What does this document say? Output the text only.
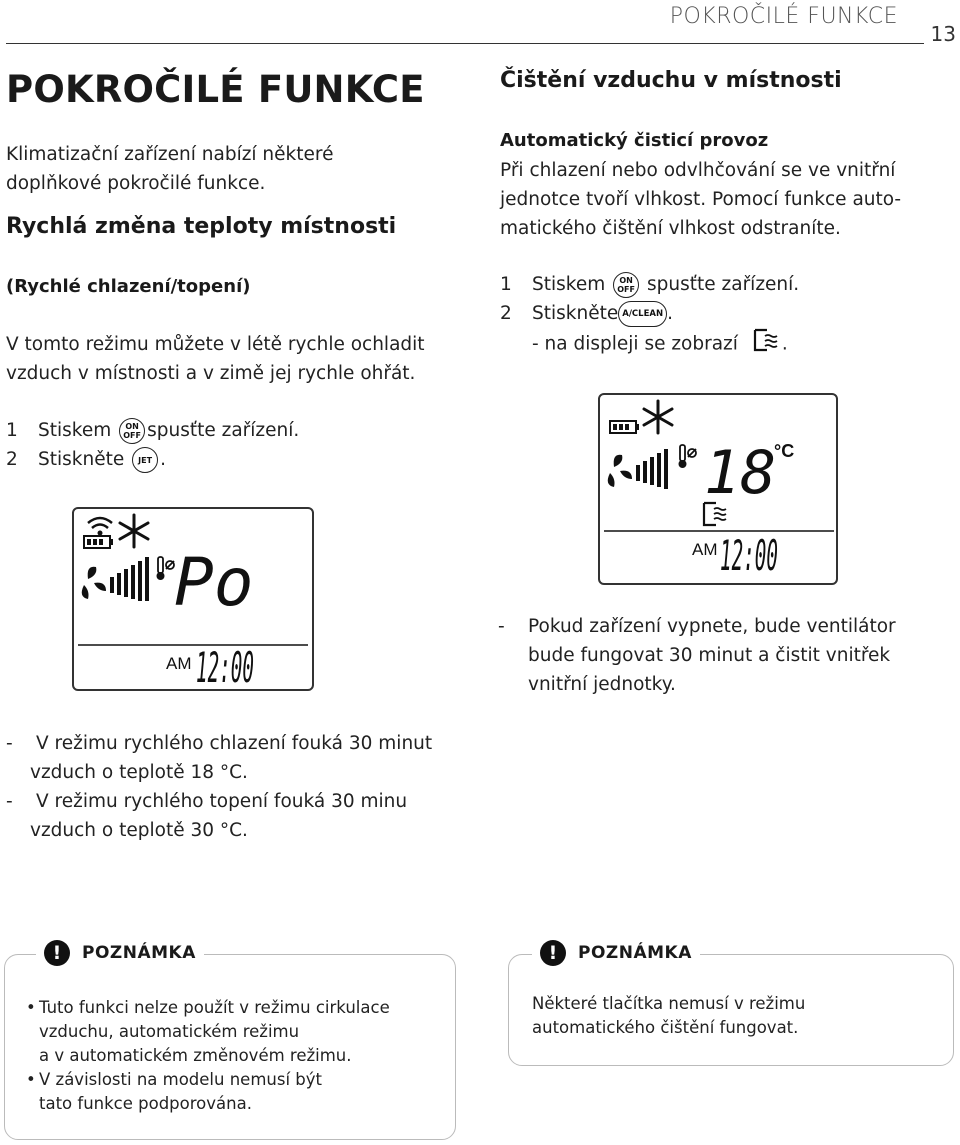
POKROČILÉ FUNKCE
13
POKROČILÉ FUNKCE
Klimatizační zařízení nabízí některé
doplňkové pokročilé funkce.
Rychlá změna teploty místnosti
(Rychlé chlazení/topení)
V tomto režimu můžete v létě rychle ochladit
vzduch v místnosti a v zimě jej rychle ohřát.
1 Stiskem ON
OFF spusťte zařízení.
2 Stiskněte JET .
Po
AM 12:00
- V režimu rychlého chlazení fouká 30 minut
vzduch o teplotě 18 °C.
- V režimu rychlého topení fouká 30 minu
vzduch o teplotě 30 °C.
Čištění vzduchu v místnosti
Automatický čisticí provoz
Při chlazení nebo odvlhčování se ve vnitřní
jednotce tvoří vlhkost. Pomocí funkce auto-
matického čištění vlhkost odstraníte.
1 Stiskem ON
OFF spusťte zařízení.
2 Stiskněte A/CLEAN .
- na displeji se zobrazí .
18
°C
AM 12:00
- Pokud zařízení vypnete, bude ventilátor
bude fungovat 30 minut a čistit vnitřek
vnitřní jednotky.
!	POZNÁMKA
• Tuto funkci nelze použít v režimu cirkulace
vzduchu, automatickém režimu
a v automatickém změnovém režimu.
• V závislosti na modelu nemusí být
tato funkce podporována.
!	POZNÁMKA
Některé tlačítka nemusí v režimu
automatického čištění fungovat.
